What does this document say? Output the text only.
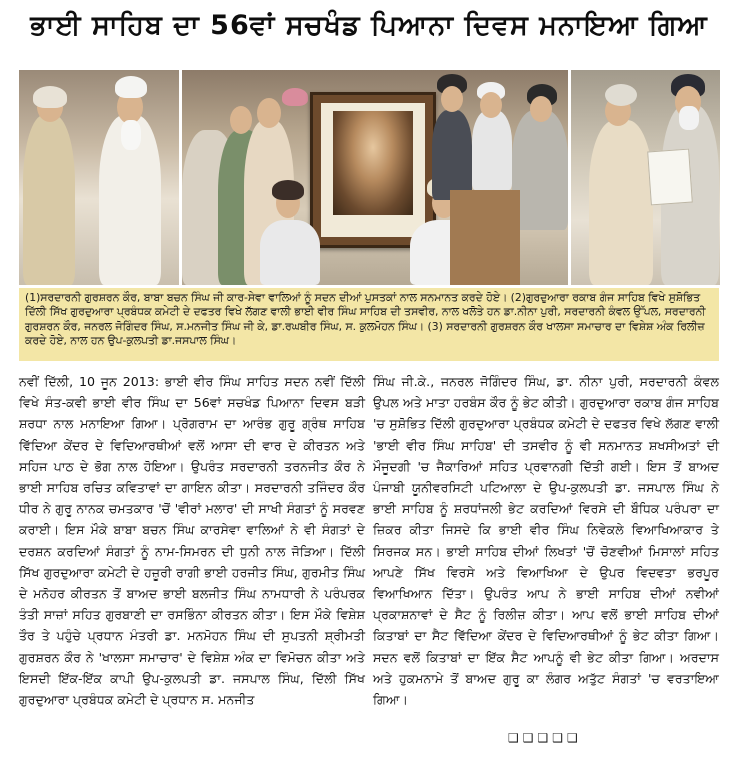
ਭਾਈ ਸਾਹਿਬ ਦਾ 56ਵਾਂ ਸਚਖੰਡ ਪਿਆਨਾ ਦਿਵਸ ਮਨਾਇਆ ਗਿਆ
(1)ਸਰਦਾਰਨੀ ਗੁਰਸ਼ਰਨ ਕੌਰ, ਬਾਬਾ ਬਚਨ ਸਿੰਘ ਜੀ ਕਾਰ-ਸੇਵਾ ਵਾਲਿਆਂ ਨੂੰ ਸਦਨ ਦੀਆਂ ਪੁਸਤਕਾਂ ਨਾਲ ਸਨਮਾਨਤ ਕਰਦੇ ਹੋਏ। (2)ਗੁਰਦੁਆਰਾ ਰਕਾਬ ਗੰਜ ਸਾਹਿਬ ਵਿਖੇ ਸੁਸ਼ੋਭਿਤ ਦਿੱਲੀ ਸਿੱਖ ਗੁਰਦੁਆਰਾ ਪ੍ਰਬੰਧਕ ਕਮੇਟੀ ਦੇ ਦਫਤਰ ਵਿਖੇ ਲੱਗਣ ਵਾਲੀ ਭਾਈ ਵੀਰ ਸਿੰਘ ਸਾਹਿਬ ਦੀ ਤਸਵੀਰ, ਨਾਲ ਖਲੋਤੇ ਹਨ ਡਾ.ਨੀਨਾ ਪੁਰੀ, ਸਰਦਾਰਨੀ ਕੰਵਲ ਉੱਪਲ, ਸਰਦਾਰਨੀ ਗੁਰਸ਼ਰਨ ਕੌਰ, ਜਨਰਲ ਜੋਗਿੰਦਰ ਸਿੰਘ, ਸ.ਮਨਜੀਤ ਸਿੰਘ ਜੀ ਕੇ, ਡਾ.ਰਘਬੀਰ ਸਿੰਘ, ਸ. ਕੁਲਮੋਹਨ ਸਿੰਘ। (3) ਸਰਦਾਰਨੀ ਗੁਰਸ਼ਰਨ ਕੌਰ ਖਾਲਸਾ ਸਮਾਚਾਰ ਦਾ ਵਿਸ਼ੇਸ਼ ਅੰਕ ਰਿਲੀਜ਼ ਕਰਦੇ ਹੋਏ, ਨਾਲ ਹਨ ਉਪ-ਕੁਲਪਤੀ ਡਾ.ਜਸਪਾਲ ਸਿੰਘ।

ਨਵੀਂ ਦਿੱਲੀ, 10 ਜੂਨ 2013: ਭਾਈ ਵੀਰ ਸਿੰਘ ਸਾਹਿਤ ਸਦਨ ਨਵੀਂ ਦਿੱਲੀ ਵਿਖੇ ਸੰਤ-ਕਵੀ ਭਾਈ ਵੀਰ ਸਿੰਘ ਦਾ 56ਵਾਂ ਸਚਖੰਡ ਪਿਆਨਾ ਦਿਵਸ ਬੜੀ ਸ਼ਰਧਾ ਨਾਲ ਮਨਾਇਆ ਗਿਆ। ਪ੍ਰੋਗਰਾਮ ਦਾ ਆਰੰਭ ਗੁਰੂ ਗ੍ਰੰਥ ਸਾਹਿਬ ਵਿੱਦਿਆ ਕੇਂਦਰ ਦੇ ਵਿਦਿਆਰਥੀਆਂ ਵਲੋਂ ਆਸਾ ਦੀ ਵਾਰ ਦੇ ਕੀਰਤਨ ਅਤੇ ਸਹਿਜ ਪਾਠ ਦੇ ਭੋਗ ਨਾਲ ਹੋਇਆ। ਉਪਰੰਤ ਸਰਦਾਰਨੀ ਤਰਨਜੀਤ ਕੌਰ ਨੇ ਭਾਈ ਸਾਹਿਬ ਰਚਿਤ ਕਵਿਤਾਵਾਂ ਦਾ ਗਾਇਨ ਕੀਤਾ। ਸਰਦਾਰਨੀ ਤਜਿੰਦਰ ਕੌਰ ਧੀਰ ਨੇ ਗੁਰੂ ਨਾਨਕ ਚਮਤਕਾਰ 'ਚੋਂ 'ਵੀਰਾਂ ਮਲਾਰ' ਦੀ ਸਾਖੀ ਸੰਗਤਾਂ ਨੂੰ ਸਰਵਣ ਕਰਾਈ। ਇਸ ਮੌਕੇ ਬਾਬਾ ਬਚਨ ਸਿੰਘ ਕਾਰਸੇਵਾ ਵਾਲਿਆਂ ਨੇ ਵੀ ਸੰਗਤਾਂ ਦੇ ਦਰਸ਼ਨ ਕਰਦਿਆਂ ਸੰਗਤਾਂ ਨੂੰ ਨਾਮ-ਸਿਮਰਨ ਦੀ ਧੁਨੀ ਨਾਲ ਜੋੜਿਆ। ਦਿੱਲੀ ਸਿੱਖ ਗੁਰਦੁਆਰਾ ਕਮੇਟੀ ਦੇ ਹਜ਼ੂਰੀ ਰਾਗੀ ਭਾਈ ਹਰਜੀਤ ਸਿੰਘ, ਗੁਰਮੀਤ ਸਿੰਘ ਦੇ ਮਨੋਹਰ ਕੀਰਤਨ ਤੋਂ ਬਾਅਦ ਭਾਈ ਬਲਜੀਤ ਸਿੰਘ ਨਾਮਧਾਰੀ ਨੇ ਪਰੰਪਰਕ ਤੰਤੀ ਸਾਜ਼ਾਂ ਸਹਿਤ ਗੁਰਬਾਣੀ ਦਾ ਰਸਭਿੰਨਾ ਕੀਰਤਨ ਕੀਤਾ। ਇਸ ਮੌਕੇ ਵਿਸ਼ੇਸ਼ ਤੌਰ ਤੇ ਪਹੁੰਚੇ ਪ੍ਰਧਾਨ ਮੰਤਰੀ ਡਾ. ਮਨਮੋਹਨ ਸਿੰਘ ਦੀ ਸੁਪਤਨੀ ਸ਼੍ਰੀਮਤੀ ਗੁਰਸ਼ਰਨ ਕੌਰ ਨੇ 'ਖਾਲਸਾ ਸਮਾਚਾਰ' ਦੇ ਵਿਸ਼ੇਸ਼ ਅੰਕ ਦਾ ਵਿਮੋਚਨ ਕੀਤਾ ਅਤੇ ਇਸਦੀ ਇੱਕ-ਇੱਕ ਕਾਪੀ ਉਪ-ਕੁਲਪਤੀ ਡਾ. ਜਸਪਾਲ ਸਿੰਘ, ਦਿੱਲੀ ਸਿੱਖ ਗੁਰਦੁਆਰਾ ਪ੍ਰਬੰਧਕ ਕਮੇਟੀ ਦੇ ਪ੍ਰਧਾਨ ਸ. ਮਨਜੀਤ

ਸਿੰਘ ਜੀ.ਕੇ., ਜਨਰਲ ਜੋਗਿੰਦਰ ਸਿੰਘ, ਡਾ. ਨੀਨਾ ਪੁਰੀ, ਸਰਦਾਰਨੀ ਕੰਵਲ ਉਪਲ ਅਤੇ ਮਾਤਾ ਹਰਬੰਸ ਕੌਰ ਨੂੰ ਭੇਟ ਕੀਤੀ। ਗੁਰਦੁਆਰਾ ਰਕਾਬ ਗੰਜ ਸਾਹਿਬ 'ਚ ਸੁਸ਼ੋਭਿਤ ਦਿੱਲੀ ਗੁਰਦੁਆਰਾ ਪ੍ਰਬੰਧਕ ਕਮੇਟੀ ਦੇ ਦਫਤਰ ਵਿਖੇ ਲੱਗਣ ਵਾਲੀ 'ਭਾਈ ਵੀਰ ਸਿੰਘ ਸਾਹਿਬ' ਦੀ ਤਸਵੀਰ ਨੂੰ ਵੀ ਸਨਮਾਨਤ ਸ਼ਖਸੀਅਤਾਂ ਦੀ ਮੌਜੂਦਗੀ 'ਚ ਜੈਕਾਰਿਆਂ ਸਹਿਤ ਪ੍ਰਵਾਨਗੀ ਦਿੱਤੀ ਗਈ। ਇਸ ਤੋਂ ਬਾਅਦ ਪੰਜਾਬੀ ਯੂਨੀਵਰਸਿਟੀ ਪਟਿਆਲਾ ਦੇ ਉਪ-ਕੁਲਪਤੀ ਡਾ. ਜਸਪਾਲ ਸਿੰਘ ਨੇ ਭਾਈ ਸਾਹਿਬ ਨੂੰ ਸ਼ਰਧਾਂਜਲੀ ਭੇਟ ਕਰਦਿਆਂ ਵਿਰਸੇ ਦੀ ਬੌਧਿਕ ਪਰੰਪਰਾ ਦਾ ਜ਼ਿਕਰ ਕੀਤਾ ਜਿਸਦੇ ਕਿ ਭਾਈ ਵੀਰ ਸਿੰਘ ਨਿਵੇਕਲੇ ਵਿਆਖਿਆਕਾਰ ਤੇ ਸਿਰਜਕ ਸਨ। ਭਾਈ ਸਾਹਿਬ ਦੀਆਂ ਲਿਖਤਾਂ 'ਚੋਂ ਚੋਣਵੀਆਂ ਮਿਸਾਲਾਂ ਸਹਿਤ ਆਪਣੇ ਸਿੱਖ ਵਿਰਸੇ ਅਤੇ ਵਿਆਖਿਆ ਦੇ ਉਪਰ ਵਿਦਵਤਾ ਭਰਪੂਰ ਵਿਆਖਿਆਨ ਦਿੱਤਾ। ਉਪਰੰਤ ਆਪ ਨੇ ਭਾਈ ਸਾਹਿਬ ਦੀਆਂ ਨਵੀਆਂ ਪ੍ਰਕਾਸ਼ਨਾਵਾਂ ਦੇ ਸੈਟ ਨੂੰ ਰਿਲੀਜ਼ ਕੀਤਾ। ਆਪ ਵਲੋਂ ਭਾਈ ਸਾਹਿਬ ਦੀਆਂ ਕਿਤਾਬਾਂ ਦਾ ਸੈਟ ਵਿੱਦਿਆ ਕੇਂਦਰ ਦੇ ਵਿਦਿਆਰਥੀਆਂ ਨੂੰ ਭੇਟ ਕੀਤਾ ਗਿਆ। ਸਦਨ ਵਲੋਂ ਕਿਤਾਬਾਂ ਦਾ ਇੱਕ ਸੈਟ ਆਪਨੂੰ ਵੀ ਭੇਟ ਕੀਤਾ ਗਿਆ। ਅਰਦਾਸ ਅਤੇ ਹੁਕਮਨਾਮੇ ਤੋਂ ਬਾਅਦ ਗੁਰੂ ਕਾ ਲੰਗਰ ਅਤੁੱਟ ਸੰਗਤਾਂ 'ਚ ਵਰਤਾਇਆ ਗਿਆ।

❑❑❑❑❑
